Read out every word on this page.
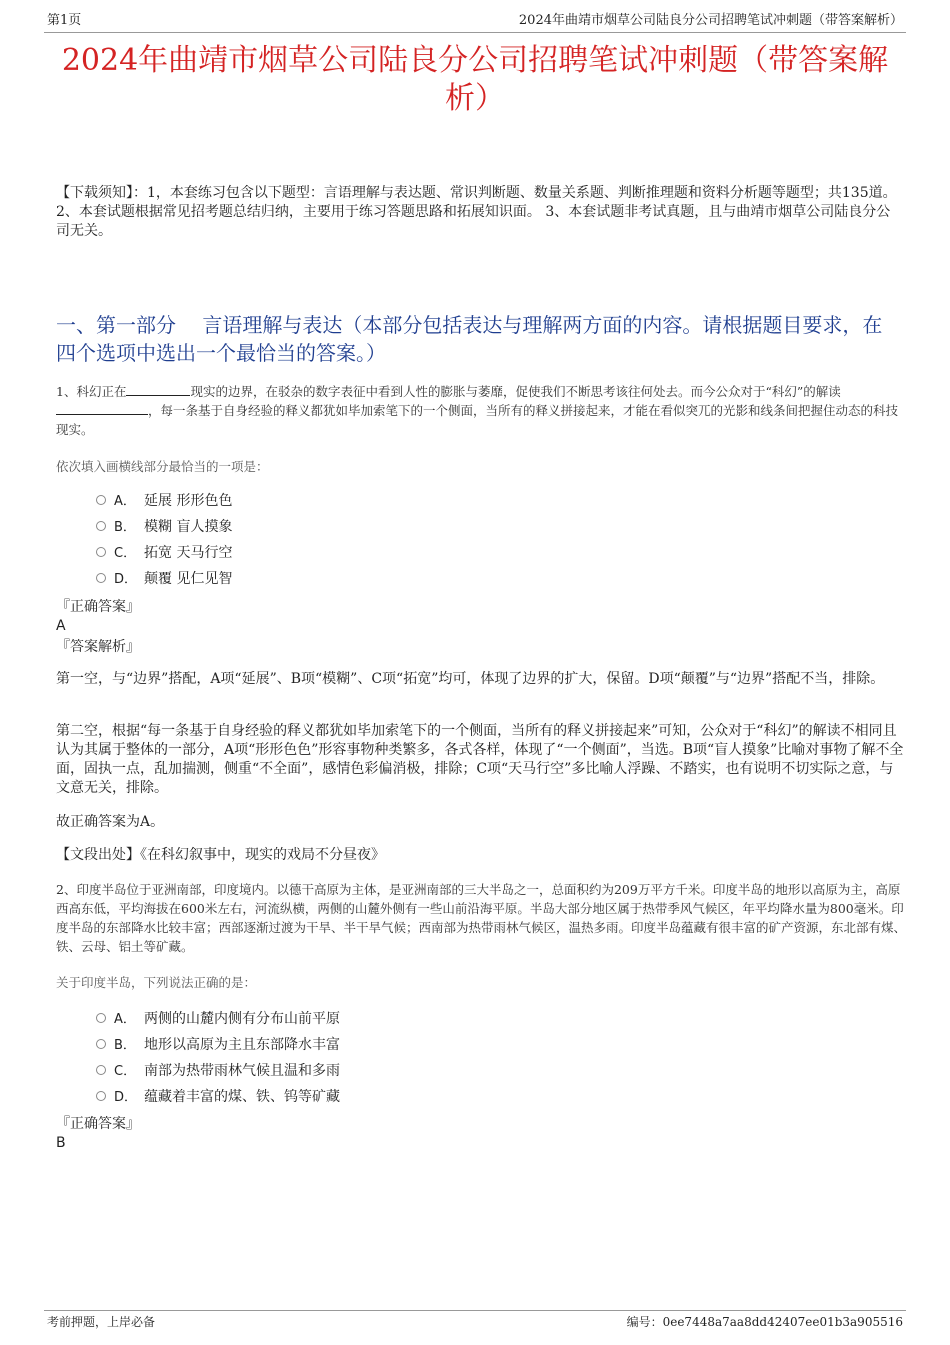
第1页	2024年曲靖市烟草公司陆良分公司招聘笔试冲刺题（带答案解析）
2024年曲靖市烟草公司陆良分公司招聘笔试冲刺题（带答案解析）
【下载须知】：1，本套练习包含以下题型：言语理解与表达题、常识判断题、数量关系题、判断推理题和资料分析题等题型；共135道。 2、本套试题根据常见招考题总结归纳，主要用于练习答题思路和拓展知识面。 3、本套试题非考试真题，且与曲靖市烟草公司陆良分公司无关。
一、第一部分　 言语理解与表达（本部分包括表达与理解两方面的内容。请根据题目要求，在四个选项中选出一个最恰当的答案。）
1、科幻正在	现实的边界，在驳杂的数字表征中看到人性的膨胀与萎靡，促使我们不断思考该往何处去。而今公众对于“科幻”的解读，每一条基于自身经验的释义都犹如毕加索笔下的一个侧面，当所有的释义拼接起来，才能在看似突兀的光影和线条间把握住动态的科技现实。
依次填入画横线部分最恰当的一项是：
A． 延展 形形色色
B． 模糊 盲人摸象
C． 拓宽 天马行空
D． 颠覆 见仁见智
『正确答案』
A
『答案解析』
第一空，与“边界”搭配，A项“延展”、B项“模糊”、C项“拓宽”均可，体现了边界的扩大，保留。D项“颠覆”与“边界”搭配不当，排除。
第二空，根据“每一条基于自身经验的释义都犹如毕加索笔下的一个侧面，当所有的释义拼接起来”可知，公众对于“科幻”的解读不相同且认为其属于整体的一部分，A项“形形色色”形容事物种类繁多，各式各样，体现了“一个侧面”，当选。B项“盲人摸象”比喻对事物了解不全面，固执一点，乱加揣测，侧重“不全面”，感情色彩偏消极，排除；C项“天马行空”多比喻人浮躁、不踏实，也有说明不切实际之意，与文意无关，排除。
故正确答案为A。
【文段出处】《在科幻叙事中，现实的戏局不分昼夜》
2、印度半岛位于亚洲南部，印度境内。以德干高原为主体，是亚洲南部的三大半岛之一，总面积约为209万平方千米。印度半岛的地形以高原为主，高原西高东低，平均海拔在600米左右，河流纵横，两侧的山麓外侧有一些山前沿海平原。半岛大部分地区属于热带季风气候区，年平均降水量为800毫米。印度半岛的东部降水比较丰富；西部逐渐过渡为干旱、半干旱气候；西南部为热带雨林气候区，温热多雨。印度半岛蕴藏有很丰富的矿产资源，东北部有煤、铁、云母、铝土等矿藏。
关于印度半岛，下列说法正确的是：
A． 两侧的山麓内侧有分布山前平原
B． 地形以高原为主且东部降水丰富
C． 南部为热带雨林气候且温和多雨
D． 蕴藏着丰富的煤、铁、钨等矿藏
『正确答案』
B
考前押题，上岸必备	编号：0ee7448a7aa8dd42407ee01b3a905516
